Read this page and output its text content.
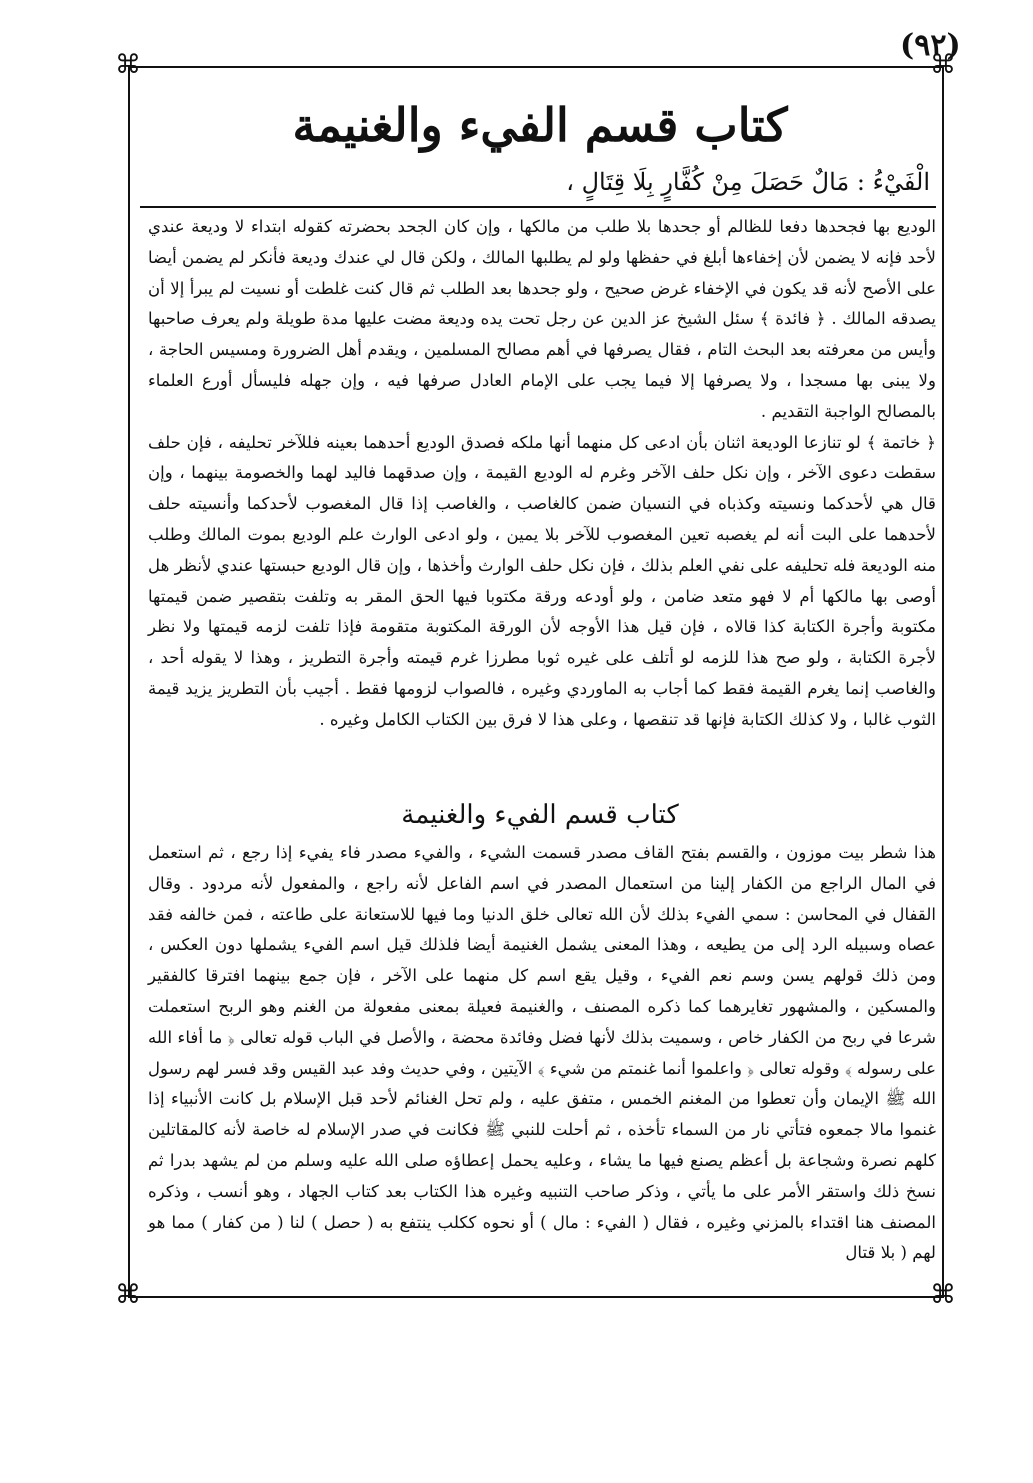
⌘	⌘
⌘	⌘
(٩٢)
كتاب قسم الفيء والغنيمة
الْفَيْءُ : مَالٌ حَصَلَ مِنْ كُفَّارٍ بِلَا قِتَالٍ ،

الوديع بها فجحدها دفعا للظالم أو جحدها بلا طلب من مالكها ، وإن كان الجحد بحضرته كقوله ابتداء لا وديعة عندي لأحد فإنه لا يضمن لأن إخفاءها أبلغ في حفظها ولو لم يطلبها المالك ، ولكن قال لي عندك وديعة فأنكر لم يضمن أيضا على الأصح لأنه قد يكون في الإخفاء غرض صحيح ، ولو جحدها بعد الطلب ثم قال كنت غلطت أو نسيت لم يبرأ إلا أن يصدقه المالك . ﴿ فائدة ﴾ سئل الشيخ عز الدين عن رجل تحت يده وديعة مضت عليها مدة طويلة ولم يعرف صاحبها وأيس من معرفته بعد البحث التام ، فقال يصرفها في أهم مصالح المسلمين ، ويقدم أهل الضرورة ومسيس الحاجة ، ولا يبنى بها مسجدا ، ولا يصرفها إلا فيما يجب على الإمام العادل صرفها فيه ، وإن جهله فليسأل أورع العلماء بالمصالح الواجبة التقديم .

﴿ خاتمة ﴾ لو تنازعا الوديعة اثنان بأن ادعى كل منهما أنها ملكه فصدق الوديع أحدهما بعينه فللآخر تحليفه ، فإن حلف سقطت دعوى الآخر ، وإن نكل حلف الآخر وغرم له الوديع القيمة ، وإن صدقهما فاليد لهما والخصومة بينهما ، وإن قال هي لأحدكما ونسيته وكذباه في النسيان ضمن كالغاصب ، والغاصب إذا قال المغصوب لأحدكما وأنسيته حلف لأحدهما على البت أنه لم يغصبه تعين المغصوب للآخر بلا يمين ، ولو ادعى الوارث علم الوديع بموت المالك وطلب منه الوديعة فله تحليفه على نفي العلم بذلك ، فإن نكل حلف الوارث وأخذها ، وإن قال الوديع حبستها عندي لأنظر هل أوصى بها مالكها أم لا فهو متعد ضامن ، ولو أودعه ورقة مكتوبا فيها الحق المقر به وتلفت بتقصير ضمن قيمتها مكتوبة وأجرة الكتابة كذا قالاه ، فإن قيل هذا الأوجه لأن الورقة المكتوبة متقومة فإذا تلفت لزمه قيمتها ولا نظر لأجرة الكتابة ، ولو صح هذا للزمه لو أتلف على غيره ثوبا مطرزا غرم قيمته وأجرة التطريز ، وهذا لا يقوله أحد ، والغاصب إنما يغرم القيمة فقط كما أجاب به الماوردي وغيره ، فالصواب لزومها فقط . أجيب بأن التطريز يزيد قيمة الثوب غالبا ، ولا كذلك الكتابة فإنها قد تنقصها ، وعلى هذا لا فرق بين الكتاب الكامل وغيره .

كتاب قسم الفيء والغنيمة

هذا شطر بيت موزون ، والقسم بفتح القاف مصدر قسمت الشيء ، والفيء مصدر فاء يفيء إذا رجع ، ثم استعمل في المال الراجع من الكفار إلينا من استعمال المصدر في اسم الفاعل لأنه راجع ، والمفعول لأنه مردود . وقال القفال في المحاسن : سمي الفيء بذلك لأن الله تعالى خلق الدنيا وما فيها للاستعانة على طاعته ، فمن خالفه فقد عصاه وسبيله الرد إلى من يطيعه ، وهذا المعنى يشمل الغنيمة أيضا فلذلك قيل اسم الفيء يشملها دون العكس ، ومن ذلك قولهم يسن وسم نعم الفيء ، وقيل يقع اسم كل منهما على الآخر ، فإن جمع بينهما افترقا كالفقير والمسكين ، والمشهور تغايرهما كما ذكره المصنف ، والغنيمة فعيلة بمعنى مفعولة من الغنم وهو الربح استعملت شرعا في ربح من الكفار خاص ، وسميت بذلك لأنها فضل وفائدة محضة ، والأصل في الباب قوله تعالى ﴿ ما أفاء الله على رسوله ﴾ وقوله تعالى ﴿ واعلموا أنما غنمتم من شيء ﴾ الآيتين ، وفي حديث وفد عبد القيس وقد فسر لهم رسول الله ﷺ الإيمان وأن تعطوا من المغنم الخمس ، متفق عليه ، ولم تحل الغنائم لأحد قبل الإسلام بل كانت الأنبياء إذا غنموا مالا جمعوه فتأتي نار من السماء تأخذه ، ثم أحلت للنبي ﷺ فكانت في صدر الإسلام له خاصة لأنه كالمقاتلين كلهم نصرة وشجاعة بل أعظم يصنع فيها ما يشاء ، وعليه يحمل إعطاؤه صلى الله عليه وسلم من لم يشهد بدرا ثم نسخ ذلك واستقر الأمر على ما يأتي ، وذكر صاحب التنبيه وغيره هذا الكتاب بعد كتاب الجهاد ، وهو أنسب ، وذكره المصنف هنا اقتداء بالمزني وغيره ، فقال ( الفيء : مال ) أو نحوه ككلب ينتفع به ( حصل ) لنا ( من كفار ) مما هو لهم ( بلا قتال
